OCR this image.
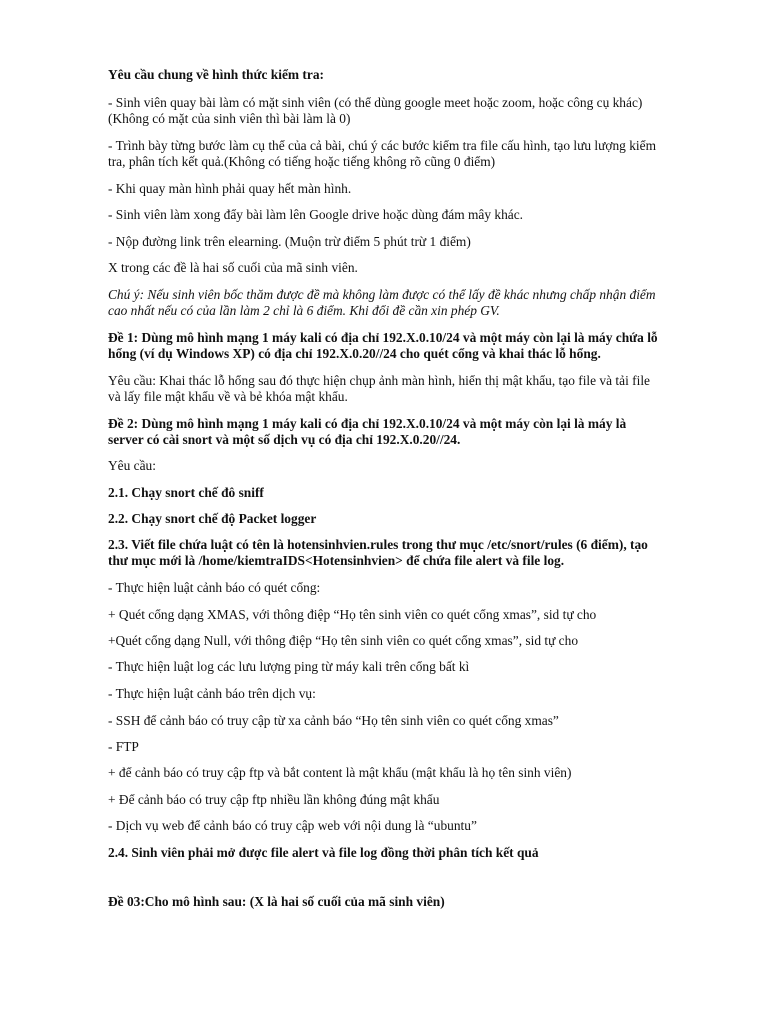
Yêu cầu chung về hình thức kiểm tra:

- Sinh viên quay bài làm có mặt sinh viên (có thể dùng google meet hoặc zoom, hoặc công cụ khác)
(Không có mặt của sinh viên thì bài làm là 0)

- Trình bày từng bước làm cụ thể của cả bài, chú ý các bước kiểm tra file cấu hình, tạo lưu lượng kiểm
tra, phân tích kết quả.(Không có tiếng hoặc tiếng không rõ cũng 0 điểm)

- Khi quay màn hình phải quay hết màn hình.

- Sinh viên làm xong đẩy bài làm lên Google drive hoặc dùng đám mây khác.

- Nộp đường link trên elearning. (Muộn trừ điểm 5 phút trừ 1 điểm)

X trong các đề là hai số cuối của mã sinh viên.

Chú ý: Nếu sinh viên bốc thăm được đề mà không làm được có thể lấy đề khác nhưng chấp nhận điểm
cao nhất nếu có của lần làm 2 chỉ là 6 điểm. Khi đổi đề cần xin phép GV.

Đề 1: Dùng mô hình mạng 1 máy kali có địa chỉ 192.X.0.10/24 và một máy còn lại là máy chứa lỗ
hổng (ví dụ Windows XP) có địa chỉ 192.X.0.20//24 cho quét cổng và khai thác lỗ hổng.

Yêu cầu: Khai thác lỗ hổng sau đó thực hiện chụp ảnh màn hình, hiển thị mật khẩu, tạo file và tải file
và lấy file mật khẩu về và bẻ khóa mật khẩu.

Đề 2: Dùng mô hình mạng 1 máy kali có địa chỉ 192.X.0.10/24 và một máy còn lại là máy là
server có cài snort và một số dịch vụ có địa chỉ 192.X.0.20//24.

Yêu cầu:

2.1. Chạy snort chế đô sniff

2.2. Chạy snort chế độ Packet logger

2.3. Viết file chứa luật có tên là hotensinhvien.rules trong thư mục /etc/snort/rules (6 điểm), tạo
thư mục mới là /home/kiemtraIDS<Hotensinhvien> để chứa file alert và file log.

- Thực hiện luật cảnh báo có quét cổng:

+ Quét cổng dạng XMAS, với thông điệp “Họ tên sinh viên co quét cổng xmas”, sid tự cho

+Quét cổng dạng Null, với thông điệp “Họ tên sinh viên co quét cổng xmas”, sid tự cho

- Thực hiện luật log các lưu lượng ping từ máy kali trên cổng bất kì

- Thực hiện luật cảnh báo trên dịch vụ:

- SSH để cảnh báo có truy cập từ xa cảnh báo “Họ tên sinh viên co quét cổng xmas”

- FTP

+ để cảnh báo có truy cập ftp và bắt content là mật khẩu (mật khẩu là họ tên sinh viên)

+ Để cảnh báo có truy cập ftp nhiều lần không đúng mật khẩu

- Dịch vụ web để cảnh báo có truy cập web với nội dung là “ubuntu”

2.4. Sinh viên phải mở được file alert và file log đồng thời phân tích kết quả

Đề 03:Cho mô hình sau: (X là hai số cuối của mã sinh viên)
